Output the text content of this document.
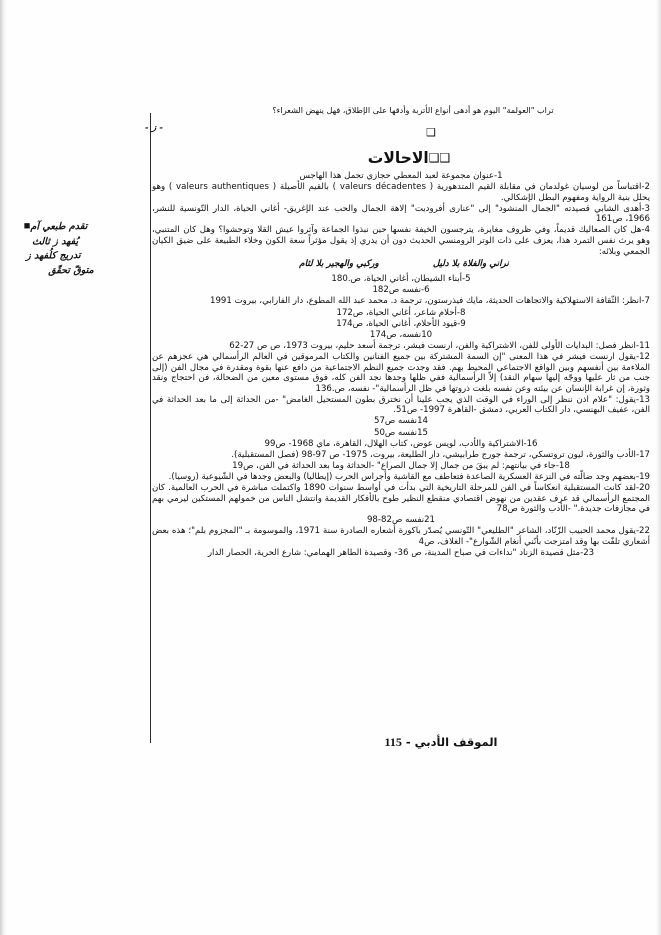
تقدم طبعي آم■
يُفهد ز ثالث
تدريج كلُفهد ز
متوقّ تحقّق

تراب "العولمة" اليوم هو أدهى أنواع الأتربة وأدقها على الإطلاق، فهل ينهض الشعراء؟

- ز -	❑
❑❑الاحالات
1-عنوان مجموعة لعبد المعطي حجازي تحمل هذا الهاجس
2-اقتباساً من لوسيان غولدمان في مقابلة القيم المتدهورية ( valeurs décadentes ) بالقيم الأصيلة ( valeurs authentiques ) وهو يحلل بنية الرواية ومفهوم البطل الإشكالي.
3-أهدى الشابي قصيدته "الجمال المنشود" إلى "عنارى أفروديت" إلاهة الجمال والحب عند الإغريق- أغاني الحياة، الدار التّونسية للنشر، 1966، ص161
4-هل كان الصعاليك قديماً، وفي ظروف مغايرة، يترجسون الخيفة نفسها حين نبذوا الجماعة وآثروا عيش القلا وتوحشوا؟ وهل كان المتنبي، وهو يرث نفس التمرد هذا، يعزف على ذات الوتر الرومنسي الحديث دون أن يدري إذ يقول مؤثراً سعة الكون وخلاء الطبيعة على ضيق الكيان الجمعي وبلائه:
نراني والفلاة بلا دليل
وركبي والهجير بلا لثام
5-أبناء الشيطان، أغاني الحياة، ص.180
6-نفسه ص182
7-انظر: الثّقافة الاستهلاكية والاتجاهات الحديثة، مايك فيذرستون، ترجمة د. محمد عبد الله المطوع، دار الفارابي، بيروت 1991
8-أحلام شاعر، أغاني الحياة، ص172
9-قيود الأحلام، أغاني الحياة، ص174
10نفسه، ص174
11-انظر فصل: البدايات الأولى للفن، الاشتراكية والفن، ارنست فيشر، ترجمة أسعد حليم، بيروت 1973، ص ص 27-62
12-يقول ارنست فيشر في هذا المعنى "إن السمة المشتركة بين جميع الفنانين والكتاب المرموقين في العالم الرأسمالي هي عجزهم عن الملاءمة بين أنفسهم وبين الواقع الاجتماعي المحيط بهم. فقد وجدت جميع النظم الاجتماعية من دافع عنها بقوة ومقدرة في مجال الفن (إلى جنب من ثار عليها ووجّه إليها سهام النقد) إلاّ الرأسمالية ففي ظلها وحدها نجد الفن كله، فوق مستوى معين من الضحالة، فن احتجاج ونقد وثورة، إن غرابة الإنسان عن بيئته وعن نفسه بلغت ذروتها في ظل الرأسمالية"- نفسه، ص.136
13-يقول: "علام اذن ننظر إلى الوراء في الوقت الذي يجب علينا أن نخترق بطون المستحيل الغامض" -من الحداثة إلى ما بعد الحداثة في الفن، عفيف البهنسي، دار الكتاب العربي، دمشق -القاهرة 1997- ص51.
14نفسه ص57
15نفسه ص50
16-الاشتراكية والأدب، لويس عوض، كتاب الهلال، القاهرة، ماي 1968- ص99
17-الأدب والثورة، ليون تروتسكي، ترجمة جورج طرابيشي، دار الطليعة، بيروت، 1975- ص 97-98 (فصل المستقبلية).
18-جاء في بيانتهم: لم يبقَ من جمال إلا جمال الصراع" -الحداثة وما بعد الحداثة في الفن، ص19
19-بعضهم وجد ضالّته في النزعة العسكرية الصاعدة فتعاطف مع القاشية وأجراس الحرب (إيطاليا) والبعض وجدها في الشّيوعية (روسيا).
20-لقد كانت المستقبلية انعكاساً في الفن للمرحلة التاريخية التي بدأت في أواسط سنوات 1890 واكتملت مباشرة في الحرب العالمية. كان المجتمع الرأسمالي قد عرف عقدين من نهوض اقتصادي منقطع النظير طوح بالأفكار القديمة وانتشل الناس من خمولهم المستكين ليرمي بهم في مجازفات جديدة." -الأدب والثورة ص78
21نفسه ص82-98
22-يقول محمد الحبيب الزّنّاد، الشاعر "الطليعي" التّونسي يُصدّر باكورة أشعاره الصادرة سنة 1971، والموسومة بـ "المجزوم بلم"؛ هذه بعض أشعاري تلفّت بها وقد امتزجت بأنّني أنغام الشّوارع"- الغلاف، ص4
23-مثل قصيدة الزناد "نداءات في صباح المدينة، ص 36- وقصيدة الطاهر الهمامي: شارع الحرية، الحصار الدار
الموقف الأدبي - 115
